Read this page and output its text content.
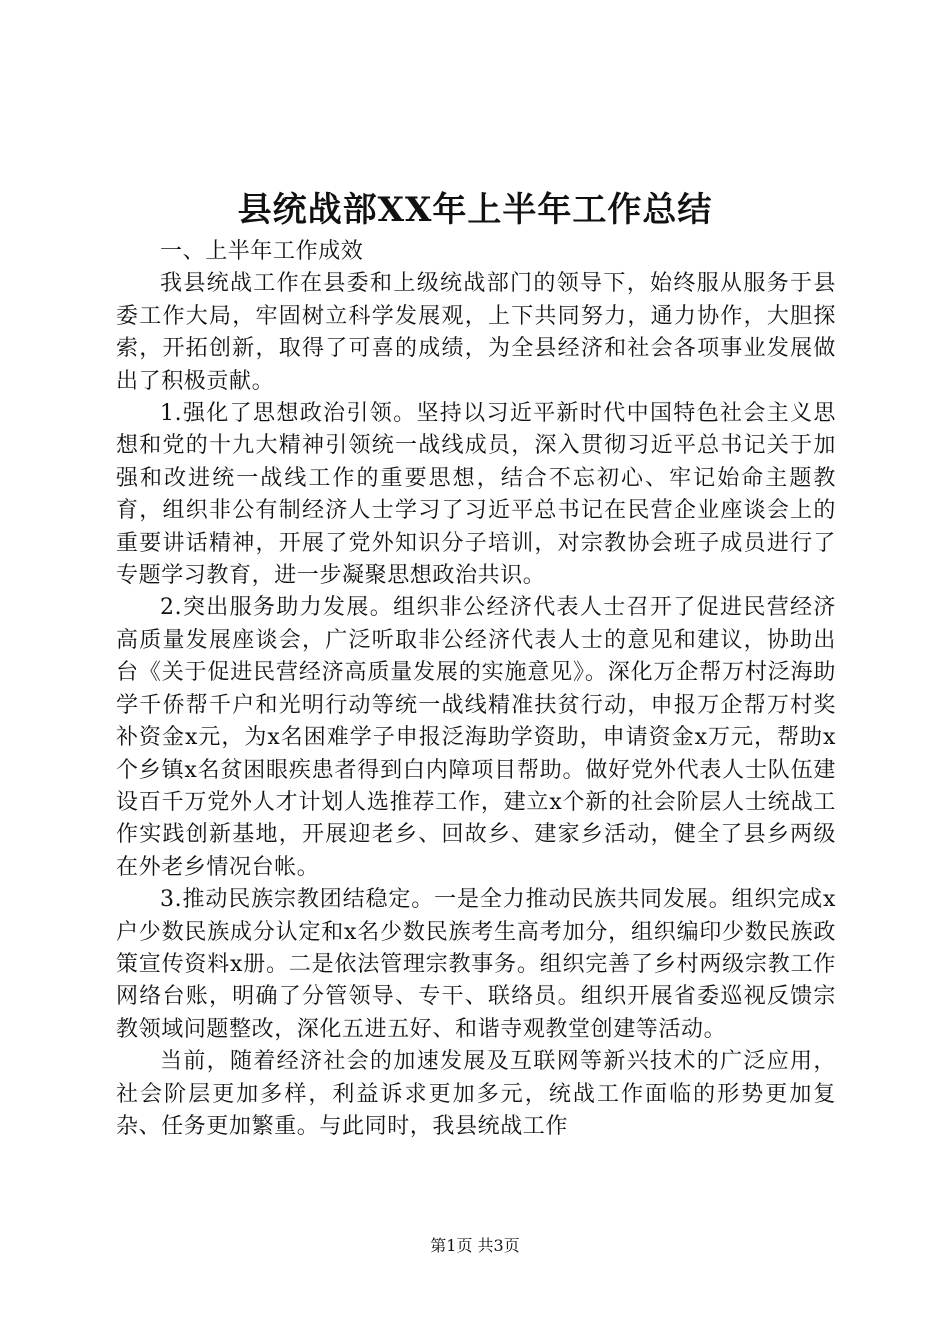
县统战部XX年上半年工作总结

一、上半年工作成效

我县统战工作在县委和上级统战部门的领导下，始终服从服务于县委工作大局，牢固树立科学发展观，上下共同努力，通力协作，大胆探索，开拓创新，取得了可喜的成绩，为全县经济和社会各项事业发展做出了积极贡献。

1.强化了思想政治引领。坚持以习近平新时代中国特色社会主义思想和党的十九大精神引领统一战线成员，深入贯彻习近平总书记关于加强和改进统一战线工作的重要思想，结合不忘初心、牢记始命主题教育，组织非公有制经济人士学习了习近平总书记在民营企业座谈会上的重要讲话精神，开展了党外知识分子培训，对宗教协会班子成员进行了专题学习教育，进一步凝聚思想政治共识。

2.突出服务助力发展。组织非公经济代表人士召开了促进民营经济高质量发展座谈会，广泛听取非公经济代表人士的意见和建议，协助出台《关于促进民营经济高质量发展的实施意见》。深化万企帮万村泛海助学千侨帮千户和光明行动等统一战线精准扶贫行动，申报万企帮万村奖补资金x元，为x名困难学子申报泛海助学资助，申请资金x万元，帮助x个乡镇x名贫困眼疾患者得到白内障项目帮助。做好党外代表人士队伍建设百千万党外人才计划人选推荐工作，建立x个新的社会阶层人士统战工作实践创新基地，开展迎老乡、回故乡、建家乡活动，健全了县乡两级在外老乡情况台帐。

3.推动民族宗教团结稳定。一是全力推动民族共同发展。组织完成x户少数民族成分认定和x名少数民族考生高考加分，组织编印少数民族政策宣传资料x册。二是依法管理宗教事务。组织完善了乡村两级宗教工作网络台账，明确了分管领导、专干、联络员。组织开展省委巡视反馈宗教领域问题整改，深化五进五好、和谐寺观教堂创建等活动。

当前，随着经济社会的加速发展及互联网等新兴技术的广泛应用，社会阶层更加多样，利益诉求更加多元，统战工作面临的形势更加复杂、任务更加繁重。与此同时，我县统战工作

第1页 共3页
